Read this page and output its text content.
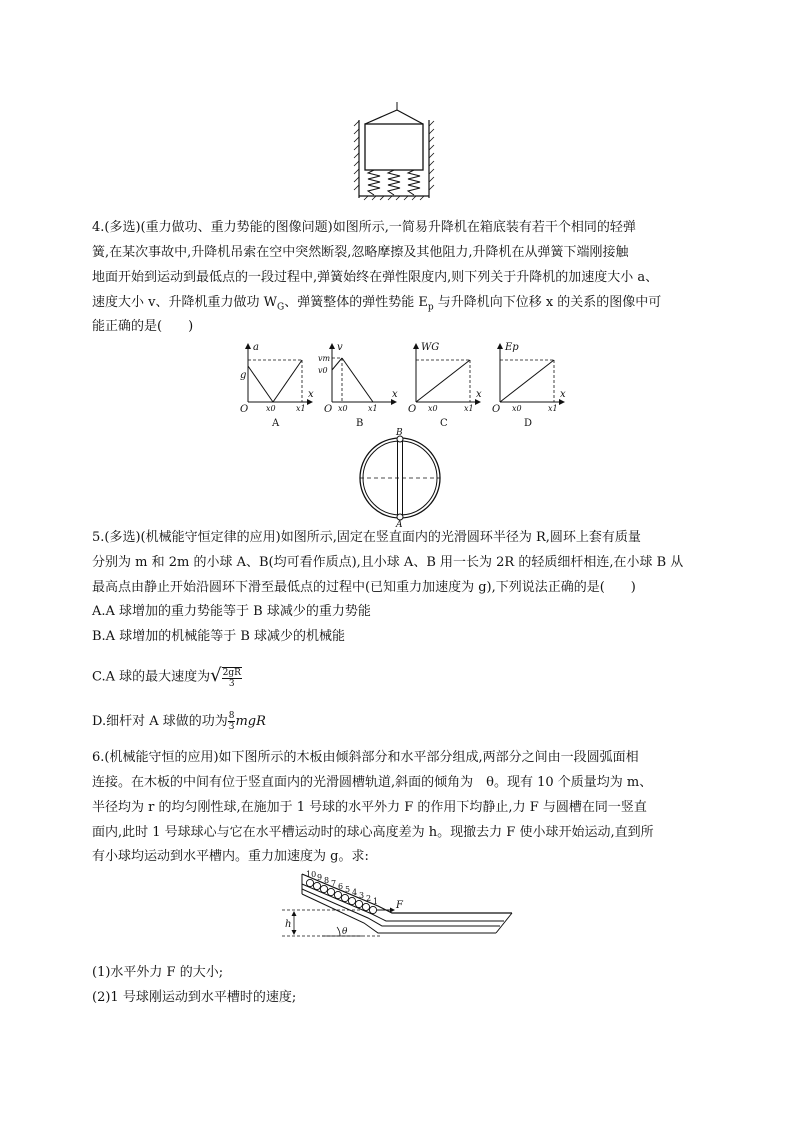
4.(多选)(重力做功、重力势能的图像问题)如图所示,一简易升降机在箱底装有若干个相同的轻弹
簧,在某次事故中,升降机吊索在空中突然断裂,忽略摩擦及其他阻力,升降机在从弹簧下端刚接触
地面开始到运动到最低点的一段过程中,弹簧始终在弹性限度内,则下列关于升降机的加速度大小 a、
速度大小 v、升降机重力做功 $W_G$、弹簧整体的弹性势能 $E_p$ 与升降机向下位移 x 的关系的图像中可
能正确的是(　　)
a
g
x
O x0	x1
A
v
vm
v0
x
O x0	x1
B
WG
x
O x0	x1
C
Ep
x
O x0	x1
D
B
A
5.(多选)(机械能守恒定律的应用)如图所示,固定在竖直面内的光滑圆环半径为 R,圆环上套有质量
分别为 m 和 2m 的小球 A、B(均可看作质点),且小球 A、B 用一长为 2R 的轻质细杆相连,在小球 B 从
最高点由静止开始沿圆环下滑至最低点的过程中(已知重力加速度为 g),下列说法正确的是(　　)
A.A 球增加的重力势能等于 B 球减少的重力势能
B.A 球增加的机械能等于 B 球减少的机械能
C.A 球的最大速度为√ $\frac{2gR}{3}$
D.细杆对 A 球做的功为 $\frac{8}{3}$ mgR
6.(机械能守恒的应用)如下图所示的木板由倾斜部分和水平部分组成,两部分之间由一段圆弧面相
连接。在木板的中间有位于竖直面内的光滑圆槽轨道,斜面的倾角为　θ。现有 10 个质量均为 m、
半径均为 r 的均匀刚性球,在施加于 1 号球的水平外力 F 的作用下均静止,力 F 与圆槽在同一竖直
面内,此时 1 号球球心与它在水平槽运动时的球心高度差为 h。现撤去力 F 使小球开始运动,直到所
有小球均运动到水平槽内。重力加速度为 g。求:
10 9 8 7 6 5 4 3 2 1 F
h
θ
(1)水平外力 F 的大小;
(2)1 号球刚运动到水平槽时的速度;
